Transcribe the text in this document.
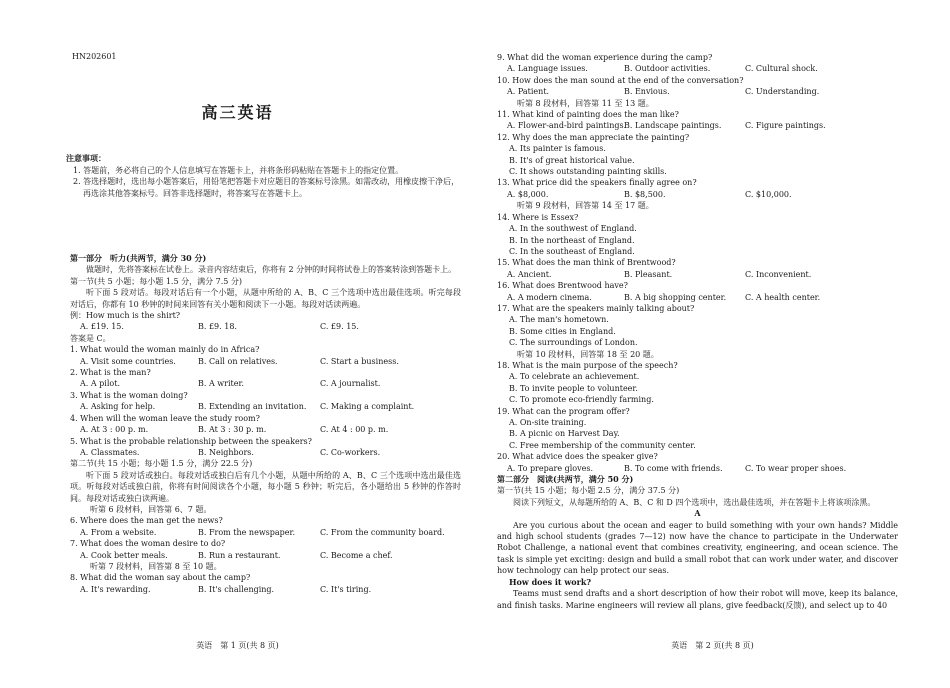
HN202601
高三英语
注意事项：
1. 答题前，务必将自己的个人信息填写在答题卡上，并将条形码粘贴在答题卡上的指定位置。
2. 答选择题时，选出每小题答案后，用铅笔把答题卡对应题目的答案标号涂黑。如需改动，用橡皮擦干净后，再选涂其他答案标号。回答非选择题时，将答案写在答题卡上。
第一部分　听力(共两节，满分 30 分)
做题时，先将答案标在试卷上。录音内容结束后，你将有 2 分钟的时间将试卷上的答案转涂到答题卡上。
第一节(共 5 小题；每小题 1.5 分，满分 7.5 分)
听下面 5 段对话。每段对话后有一个小题，从题中所给的 A、B、C 三个选项中选出最佳选项。听完每段对话后，你都有 10 秒钟的时间来回答有关小题和阅读下一小题。每段对话读两遍。
例：How much is the shirt?
A. £19. 15.	B. £9. 18.	C. £9. 15.
答案是 C。
1. What would the woman mainly do in Africa?
A. Visit some countries.	B. Call on relatives.	C. Start a business.
2. What is the man?
A. A pilot.	B. A writer.	C. A journalist.
3. What is the woman doing?
A. Asking for help.	B. Extending an invitation.	C. Making a complaint.
4. When will the woman leave the study room?
A. At 3 : 00 p. m.	B. At 3 : 30 p. m.	C. At 4 : 00 p. m.
5. What is the probable relationship between the speakers?
A. Classmates.	B. Neighbors.	C. Co-workers.
第二节(共 15 小题；每小题 1.5 分，满分 22.5 分)
听下面 5 段对话或独白。每段对话或独白后有几个小题，从题中所给的 A、B、C 三个选项中选出最佳选项。听每段对话或独白前，你将有时间阅读各个小题，每小题 5 秒钟；听完后，各小题给出 5 秒钟的作答时间。每段对话或独白读两遍。
听第 6 段材料，回答第 6、7 题。
6. Where does the man get the news?
A. From a website.	B. From the newspaper.	C. From the community board.
7. What does the woman desire to do?
A. Cook better meals.	B. Run a restaurant.	C. Become a chef.
听第 7 段材料，回答第 8 至 10 题。
8. What did the woman say about the camp?
A. It's rewarding.	B. It's challenging.	C. It's tiring.
英语　第 1 页(共 8 页)
9. What did the woman experience during the camp?
A. Language issues.	B. Outdoor activities.	C. Cultural shock.
10. How does the man sound at the end of the conversation?
A. Patient.	B. Envious.	C. Understanding.
听第 8 段材料，回答第 11 至 13 题。
11. What kind of painting does the man like?
A. Flower-and-bird paintings.
B. Landscape paintings.	C. Figure paintings.
12. Why does the man appreciate the painting?
A. Its painter is famous.
B. It's of great historical value.
C. It shows outstanding painting skills.
13. What price did the speakers finally agree on?
A. $8,000.	B. $8,500.	C. $10,000.
听第 9 段材料，回答第 14 至 17 题。
14. Where is Essex?
A. In the southwest of England.
B. In the northeast of England.
C. In the southeast of England.
15. What does the man think of Brentwood?
A. Ancient.	B. Pleasant.	C. Inconvenient.
16. What does Brentwood have?
A. A modern cinema.	B. A big shopping center.	C. A health center.
17. What are the speakers mainly talking about?
A. The man's hometown.
B. Some cities in England.
C. The surroundings of London.
听第 10 段材料，回答第 18 至 20 题。
18. What is the main purpose of the speech?
A. To celebrate an achievement.
B. To invite people to volunteer.
C. To promote eco-friendly farming.
19. What can the program offer?
A. On-site training.
B. A picnic on Harvest Day.
C. Free membership of the community center.
20. What advice does the speaker give?
A. To prepare gloves.	B. To come with friends.	C. To wear proper shoes.
第二部分　阅读(共两节，满分 50 分)
第一节(共 15 小题；每小题 2.5 分，满分 37.5 分)
阅读下列短文，从每题所给的 A、B、C 和 D 四个选项中，选出最佳选项，并在答题卡上将该项涂黑。
A
Are you curious about the ocean and eager to build something with your own hands? Middle and high school students (grades 7—12) now have the chance to participate in the Underwater Robot Challenge, a national event that combines creativity, engineering, and ocean science. The task is simple yet exciting: design and build a small robot that can work under water, and discover how technology can help protect our seas.
How does it work?
Teams must send drafts and a short description of how their robot will move, keep its balance, and finish tasks. Marine engineers will review all plans, give feedback(反馈), and select up to 40
英语　第 2 页(共 8 页)
